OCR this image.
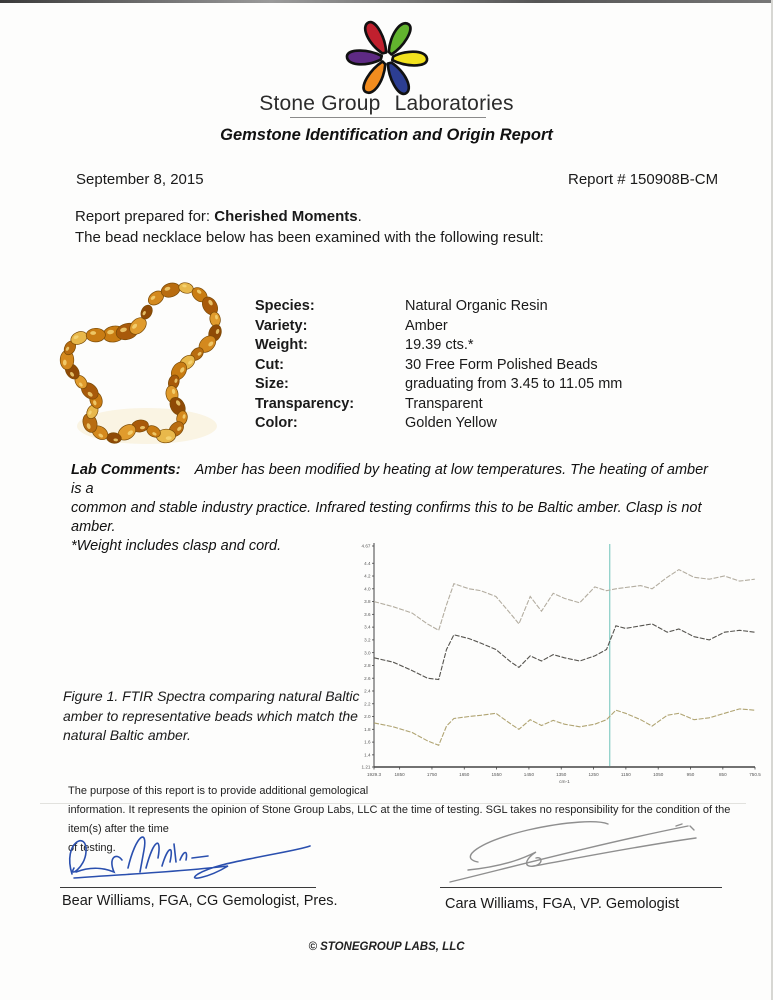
Stone Group Laboratories
Gemstone Identification and Origin Report
September 8, 2015	Report # 150908B-CM
Report prepared for: Cherished Moments.
The bead necklace below has been examined with the following result:
Species:	Natural Organic Resin
Variety:	Amber
Weight:	19.39 cts.*
Cut:	30 Free Form Polished Beads
Size:	graduating from 3.45 to 11.05 mm
Transparency:	Transparent
Color:	Golden Yellow
Lab Comments: Amber has been modified by heating at low temperatures. The heating of amber is a
common and stable industry practice. Infrared testing confirms this to be Baltic amber. Clasp is not amber.
*Weight includes clasp and cord.	4.67
4.4
4.2
4.0
3.8
3.6
3.4
3.2
3.0
2.8
2.6
2.4
2.2
2.0
1.8
1.6
1.4
1.21
1929.3	1850	1750	1650	1550	1450	1350	1250	1150	1050	950	850	750.5
cm-1
Figure 1. FTIR Spectra comparing natural Baltic
amber to representative beads which match the
natural Baltic amber.
The purpose of this report is to provide additional gemological
information. It represents the opinion of Stone Group Labs, LLC at the time of testing. SGL takes no responsibility for the condition of the item(s) after the time
of testing.
Bear Williams, FGA, CG Gemologist, Pres.	Cara Williams, FGA, VP. Gemologist
© STONEGROUP LABS, LLC
